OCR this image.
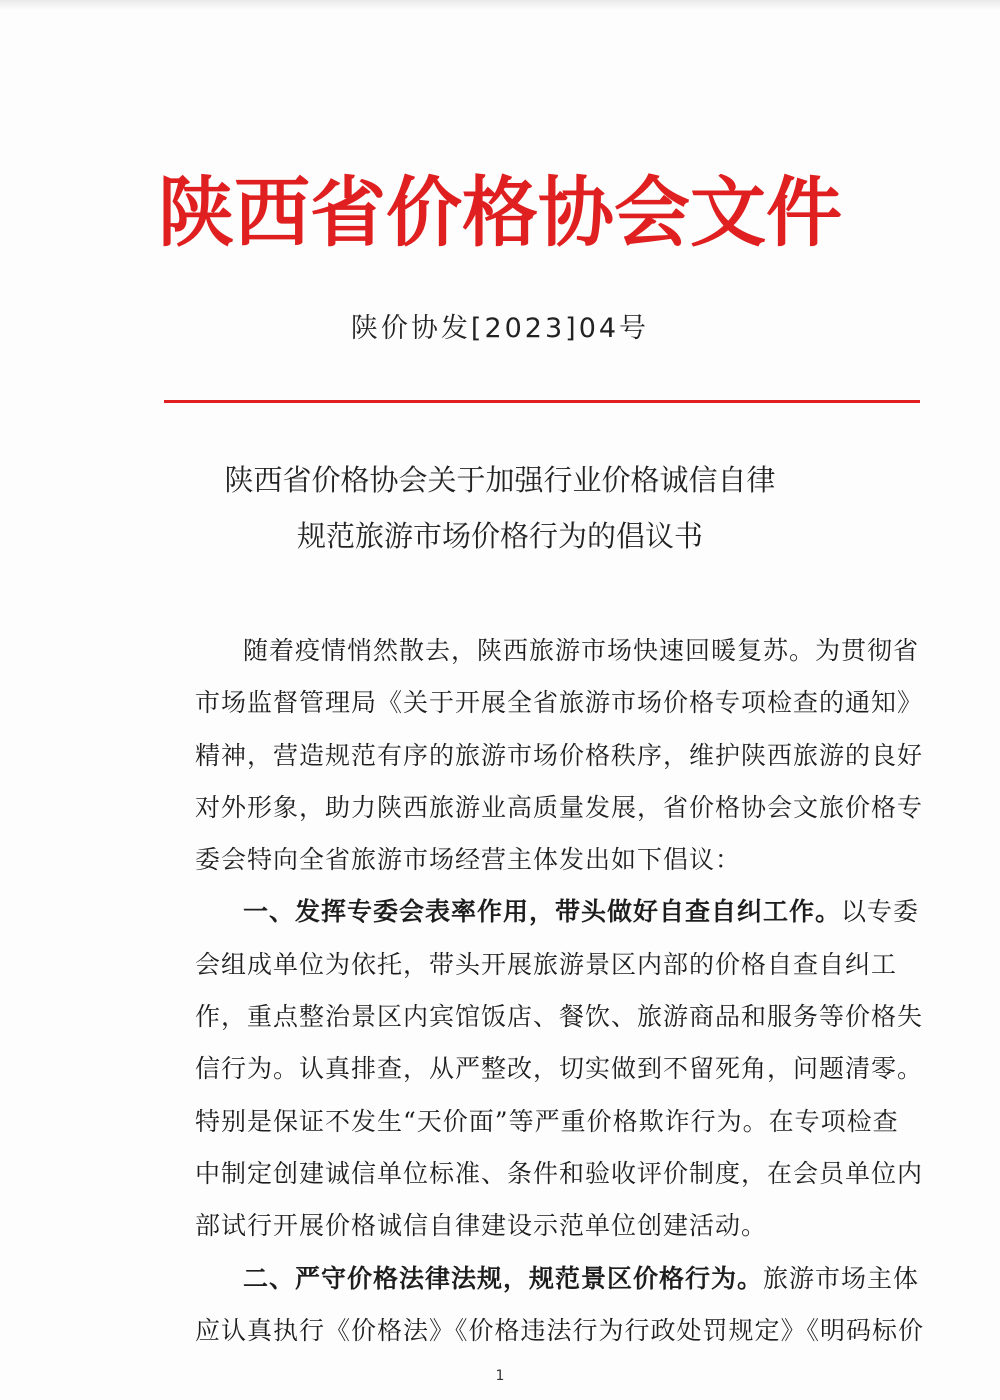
陕西省价格协会文件
陕价协发[2023]04号
陕西省价格协会关于加强行业价格诚信自律
规范旅游市场价格行为的倡议书
随着疫情悄然散去，陕西旅游市场快速回暖复苏。为贯彻省
市场监督管理局《关于开展全省旅游市场价格专项检查的通知》
精神，营造规范有序的旅游市场价格秩序，维护陕西旅游的良好
对外形象，助力陕西旅游业高质量发展，省价格协会文旅价格专
委会特向全省旅游市场经营主体发出如下倡议：
一、发挥专委会表率作用，带头做好自查自纠工作。以专委
会组成单位为依托，带头开展旅游景区内部的价格自查自纠工
作，重点整治景区内宾馆饭店、餐饮、旅游商品和服务等价格失
信行为。认真排查，从严整改，切实做到不留死角，问题清零。
特别是保证不发生“天价面”等严重价格欺诈行为。在专项检查
中制定创建诚信单位标准、条件和验收评价制度，在会员单位内
部试行开展价格诚信自律建设示范单位创建活动。
二、严守价格法律法规，规范景区价格行为。旅游市场主体
应认真执行《价格法》《价格违法行为行政处罚规定》《明码标价
1
